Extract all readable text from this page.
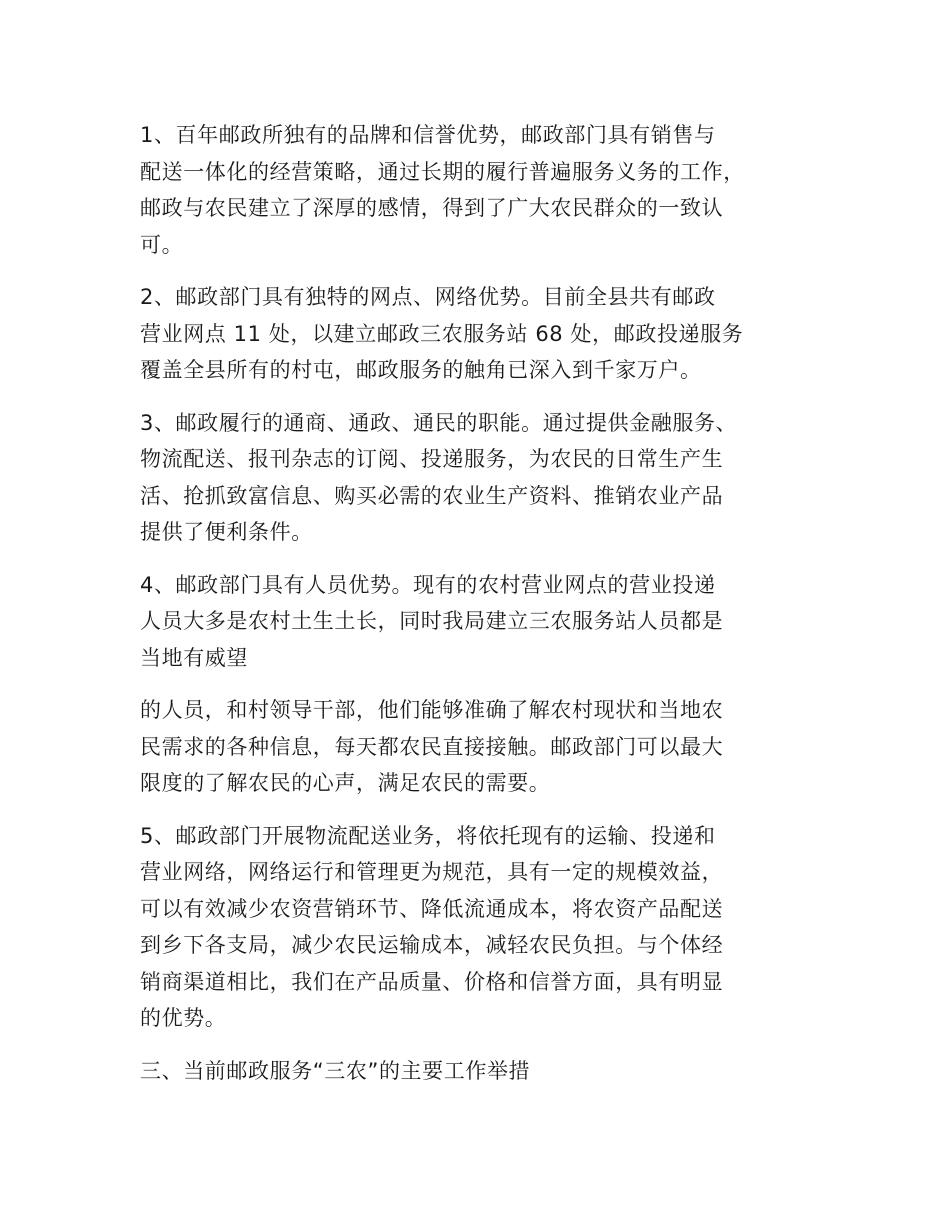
1、百年邮政所独有的品牌和信誉优势，邮政部门具有销售与
配送一体化的经营策略，通过长期的履行普遍服务义务的工作，
邮政与农民建立了深厚的感情，得到了广大农民群众的一致认
可。

2、邮政部门具有独特的网点、网络优势。目前全县共有邮政
营业网点 11 处，以建立邮政三农服务站 68 处，邮政投递服务
覆盖全县所有的村屯，邮政服务的触角已深入到千家万户。

3、邮政履行的通商、通政、通民的职能。通过提供金融服务、
物流配送、报刊杂志的订阅、投递服务，为农民的日常生产生
活、抢抓致富信息、购买必需的农业生产资料、推销农业产品
提供了便利条件。

4、邮政部门具有人员优势。现有的农村营业网点的营业投递
人员大多是农村土生土长，同时我局建立三农服务站人员都是
当地有威望

的人员，和村领导干部，他们能够准确了解农村现状和当地农
民需求的各种信息，每天都农民直接接触。邮政部门可以最大
限度的了解农民的心声，满足农民的需要。

5、邮政部门开展物流配送业务，将依托现有的运输、投递和
营业网络，网络运行和管理更为规范，具有一定的规模效益，
可以有效减少农资营销环节、降低流通成本，将农资产品配送
到乡下各支局，减少农民运输成本，减轻农民负担。与个体经
销商渠道相比，我们在产品质量、价格和信誉方面，具有明显
的优势。

三、当前邮政服务“三农”的主要工作举措
